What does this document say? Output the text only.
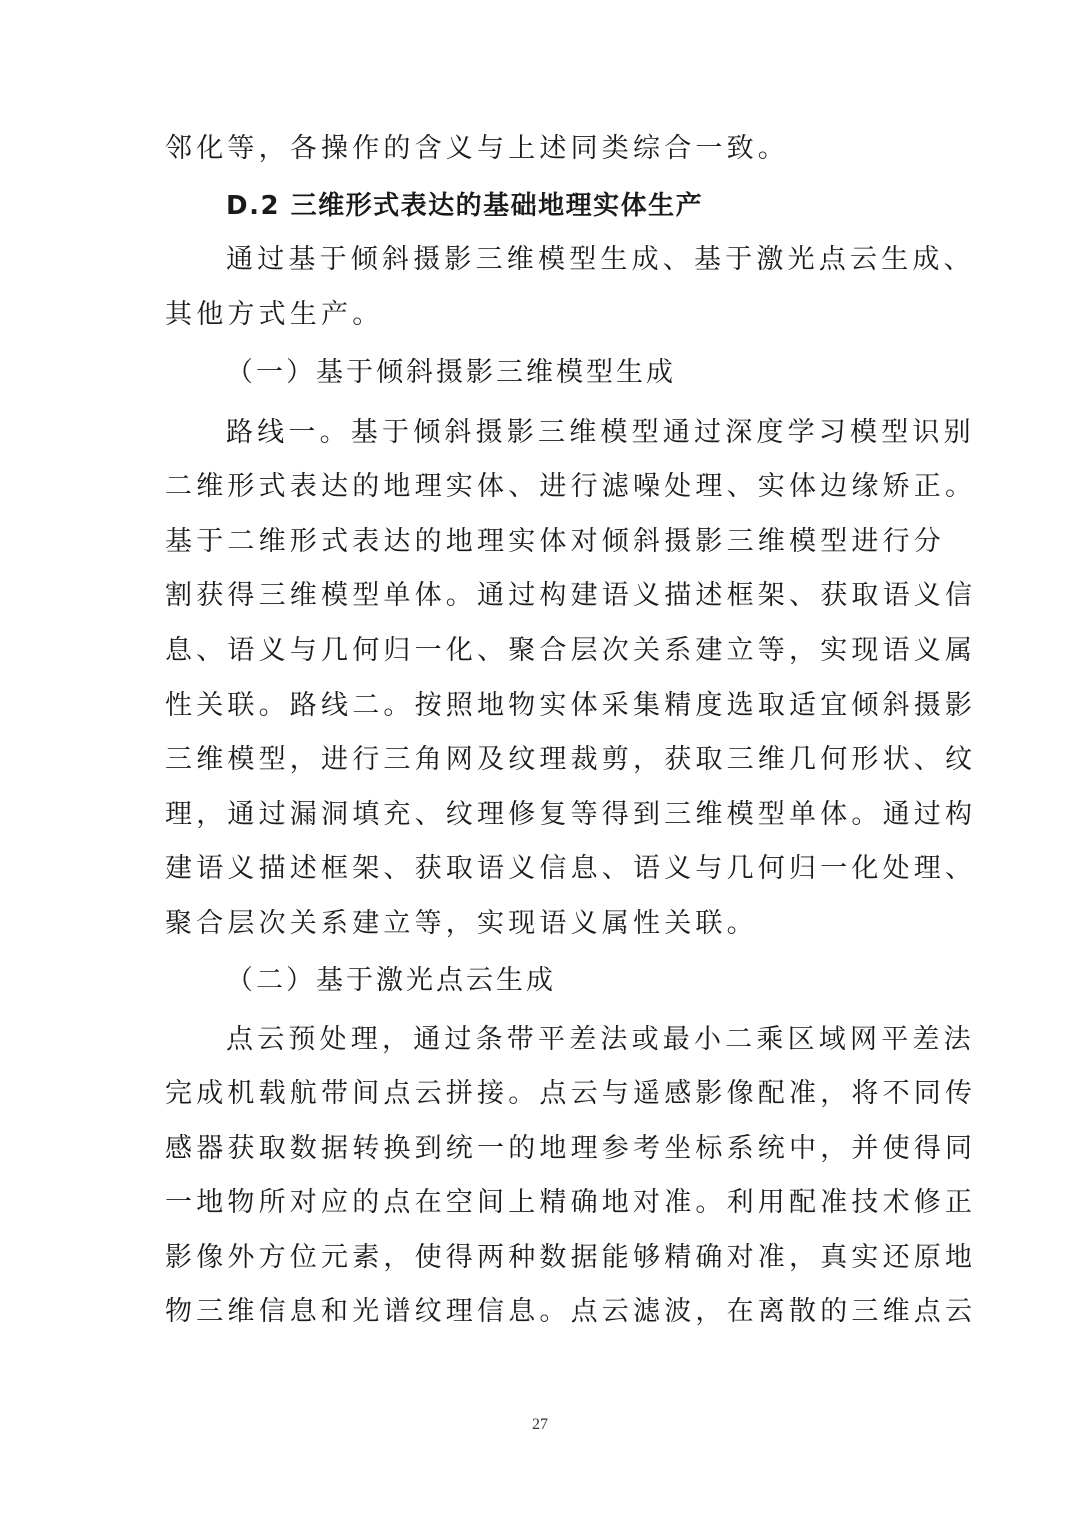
邻化等，各操作的含义与上述同类综合一致。
D.2 三维形式表达的基础地理实体生产
通过基于倾斜摄影三维模型生成、基于激光点云生成、
其他方式生产。
（一）基于倾斜摄影三维模型生成
路线一。基于倾斜摄影三维模型通过深度学习模型识别
二维形式表达的地理实体、进行滤噪处理、实体边缘矫正。
基于二维形式表达的地理实体对倾斜摄影三维模型进行分
割获得三维模型单体。通过构建语义描述框架、获取语义信
息、语义与几何归一化、聚合层次关系建立等，实现语义属
性关联。路线二。按照地物实体采集精度选取适宜倾斜摄影
三维模型，进行三角网及纹理裁剪，获取三维几何形状、纹
理，通过漏洞填充、纹理修复等得到三维模型单体。通过构
建语义描述框架、获取语义信息、语义与几何归一化处理、
聚合层次关系建立等，实现语义属性关联。
（二）基于激光点云生成
点云预处理，通过条带平差法或最小二乘区域网平差法
完成机载航带间点云拼接。点云与遥感影像配准，将不同传
感器获取数据转换到统一的地理参考坐标系统中，并使得同
一地物所对应的点在空间上精确地对准。利用配准技术修正
影像外方位元素，使得两种数据能够精确对准，真实还原地
物三维信息和光谱纹理信息。点云滤波，在离散的三维点云
27
